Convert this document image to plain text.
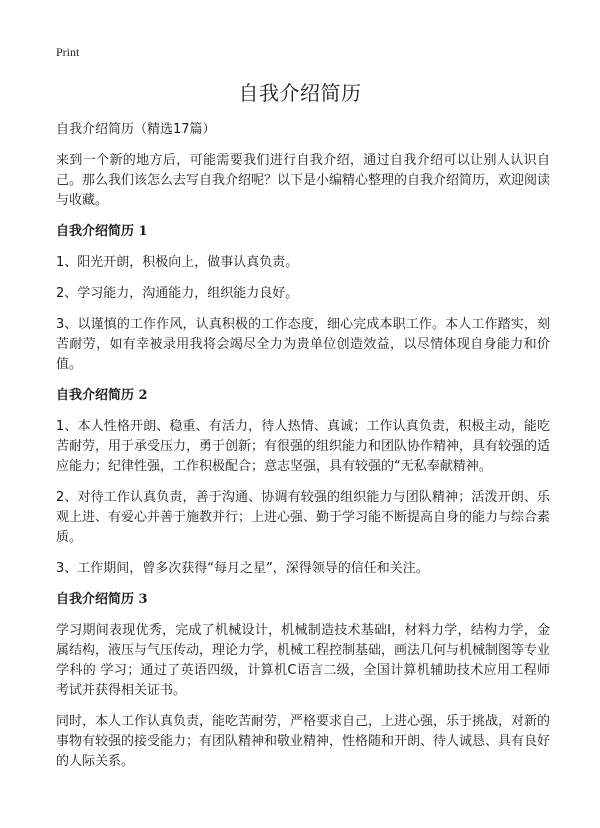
Print
自我介绍简历

自我介绍简历（精选17篇）

来到一个新的地方后，可能需要我们进行自我介绍，通过自我介绍可以让别人认识自己。那么我们该怎么去写自我介绍呢？以下是小编精心整理的自我介绍简历，欢迎阅读与收藏。

自我介绍简历 1

1、阳光开朗，积极向上，做事认真负责。

2、学习能力，沟通能力，组织能力良好。

3、以谨慎的工作作风，认真积极的工作态度，细心完成本职工作。本人工作踏实，刻苦耐劳，如有幸被录用我将会竭尽全力为贵单位创造效益，以尽情体现自身能力和价值。

自我介绍简历 2

1、本人性格开朗、稳重、有活力，待人热情、真诚；工作认真负责，积极主动，能吃苦耐劳，用于承受压力，勇于创新；有很强的组织能力和团队协作精神，具有较强的适应能力；纪律性强，工作积极配合；意志坚强，具有较强的“无私奉献精神。

2、对待工作认真负责，善于沟通、协调有较强的组织能力与团队精神；活泼开朗、乐观上进、有爱心并善于施教并行；上进心强、勤于学习能不断提高自身的能力与综合素质。

3、工作期间，曾多次获得“每月之星”，深得领导的信任和关注。

自我介绍简历 3

学习期间表现优秀，完成了机械设计，机械制造技术基础I，材料力学，结构力学，金属结构，液压与气压传动，理论力学，机械工程控制基础，画法几何与机械制图等专业学科的 学习；通过了英语四级，计算机C语言二级，全国计算机辅助技术应用工程师考试并获得相关证书。

同时，本人工作认真负责，能吃苦耐劳，严格要求自己，上进心强，乐于挑战，对新的事物有较强的接受能力；有团队精神和敬业精神，性格随和开朗、待人诚恳、具有良好的人际关系。
